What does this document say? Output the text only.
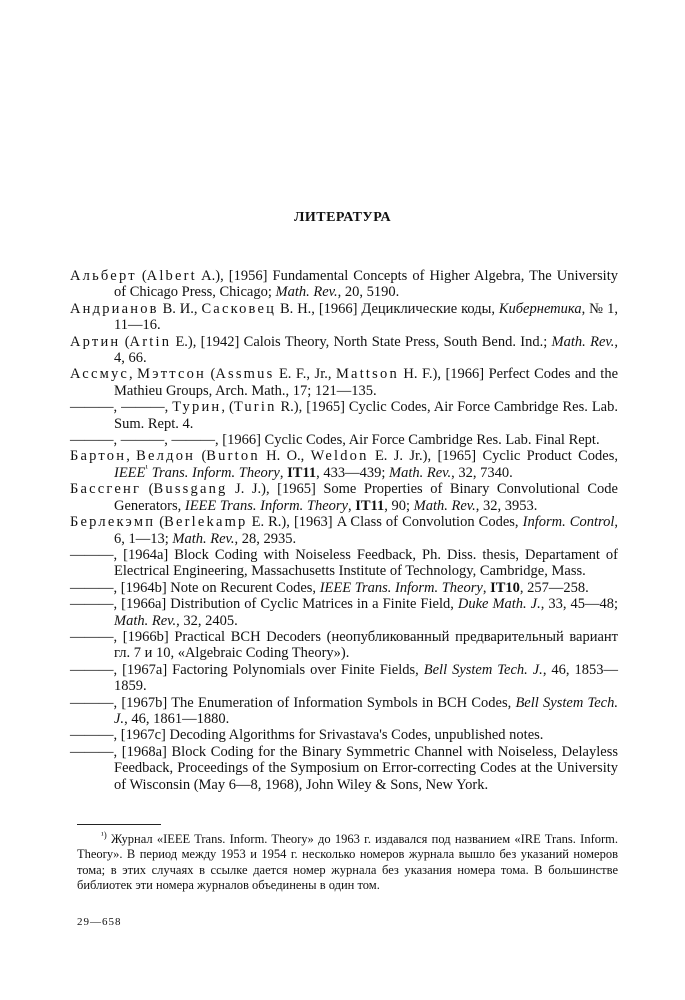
ЛИТЕРАТУРА

Альберт (Albert A.), [1956] Fundamental Concepts of Higher Algebra, The University of Chicago Press, Chicago; Math. Rev., 20, 5190.

Андрианов В. И., Сасковец В. Н., [1966] Дециклические коды, Кибернетика, № 1, 11—16.

Артин (Artin E.), [1942] Calois Theory, North State Press, South Bend. Ind.; Math. Rev., 4, 66.

Ассмус, Мэттсон (Assmus E. F., Jr., Mattson H. F.), [1966] Perfect Codes and the Mathieu Groups, Arch. Math., 17; 121—135.

———, ———, Турин, (Turin R.), [1965] Cyclic Codes, Air Force Cambridge Res. Lab. Sum. Rept. 4.

———, ———, ———, [1966] Cyclic Codes, Air Force Cambridge Res. Lab. Final Rept.

Бартон, Велдон (Burton H. O., Weldon E. J. Jr.), [1965] Cyclic Product Codes, $IEEE^{^1}$ Trans. Inform. Theory, IT11, 433—439; Math. Rev., 32, 7340.

Бассгенг (Bussgang J. J.), [1965] Some Properties of Binary Convolutional Code Generators, IEEE Trans. Inform. Theory, IT11, 90; Math. Rev., 32, 3953.

Берлекэмп (Berlekamp E. R.), [1963] A Class of Convolution Codes, Inform. Control, 6, 1—13; Math. Rev., 28, 2935.

———, [1964a] Block Coding with Noiseless Feedback, Ph. Diss. thesis, Departament of Electrical Engineering, Massachusetts Institute of Technology, Cambridge, Mass.

———, [1964b] Note on Recurent Codes, IEEE Trans. Inform. Theory, IT10, 257—258.

———, [1966a] Distribution of Cyclic Matrices in a Finite Field, Duke Math. J., 33, 45—48; Math. Rev., 32, 2405.

———, [1966b] Practical BCH Decoders (неопубликованный предварительный вариант гл. 7 и 10, «Algebraic Coding Theory»).

———, [1967a] Factoring Polynomials over Finite Fields, Bell System Tech. J., 46, 1853—1859.

———, [1967b] The Enumeration of Information Symbols in BCH Codes, Bell System Tech. J., 46, 1861—1880.

———, [1967c] Decoding Algorithms for Srivastava's Codes, unpublished notes.

———, [1968a] Block Coding for the Binary Symmetric Channel with Noiseless, Delayless Feedback, Proceedings of the Symposium on Error-correcting Codes at the University of Wisconsin (May 6—8, 1968), John Wiley & Sons, New York.

$^{^1)}$ Журнал «IEEE Trans. Inform. Theory» до 1963 г. издавался под названием «IRE Trans. Inform. Theory». В период между 1953 и 1954 г. несколько номеров журнала вышло без указаний номеров тома; в этих случаях в ссылке дается номер журнала без указания номера тома. В большинстве библиотек эти номера журналов объединены в один том.

29—658
